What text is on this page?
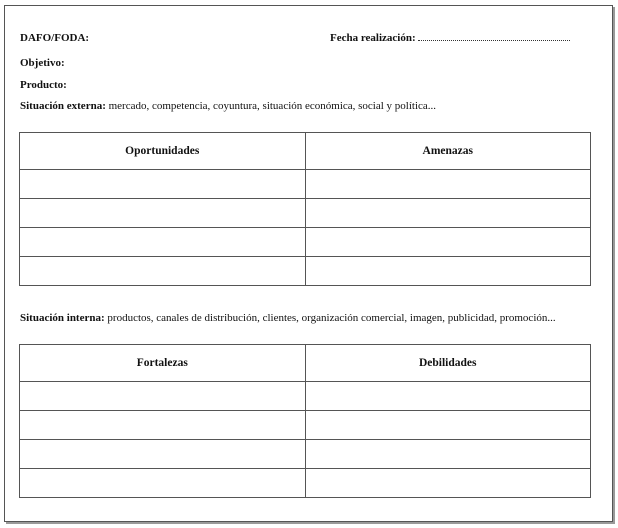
DAFO/FODA:	Fecha realización:
Objetivo:
Producto:
Situación externa: mercado, competencia, coyuntura, situación económica, social y política...
Oportunidades	Amenazas

Situación interna: productos, canales de distribución, clientes, organización comercial, imagen, publicidad, promoción...
Fortalezas	Debilidades
